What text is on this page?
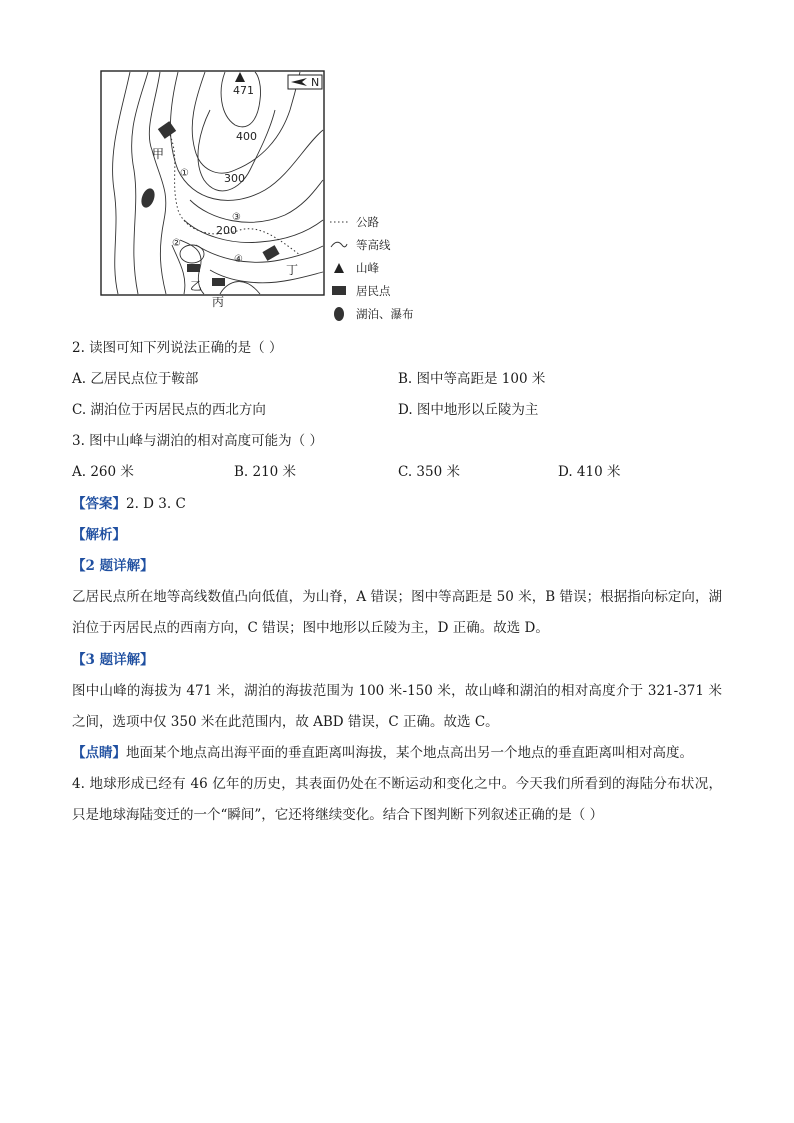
N
471
400
300
200
甲
乙
丙
丁
①
②
③
④
公路
等高线
山峰
居民点
湖泊、瀑布
2. 读图可知下列说法正确的是（ ）
A. 乙居民点位于鞍部	B. 图中等高距是 100 米
C. 湖泊位于丙居民点的西北方向	D. 图中地形以丘陵为主
3. 图中山峰与湖泊的相对高度可能为（ ）
A. 260 米	B. 210 米	C. 350 米	D. 410 米
【答案】2. D 3. C
【解析】
【2 题详解】
乙居民点所在地等高线数值凸向低值，为山脊，A 错误；图中等高距是 50 米，B 错误；根据指向标定向，湖泊位于丙居民点的西南方向，C 错误；图中地形以丘陵为主，D 正确。故选 D。
【3 题详解】
图中山峰的海拔为 471 米，湖泊的海拔范围为 100 米-150 米，故山峰和湖泊的相对高度介于 321-371 米之间，选项中仅 350 米在此范围内，故 ABD 错误，C 正确。故选 C。
【点睛】地面某个地点高出海平面的垂直距离叫海拔，某个地点高出另一个地点的垂直距离叫相对高度。
4. 地球形成已经有 46 亿年的历史，其表面仍处在不断运动和变化之中。今天我们所看到的海陆分布状况，只是地球海陆变迁的一个“瞬间”，它还将继续变化。结合下图判断下列叙述正确的是（ ）
